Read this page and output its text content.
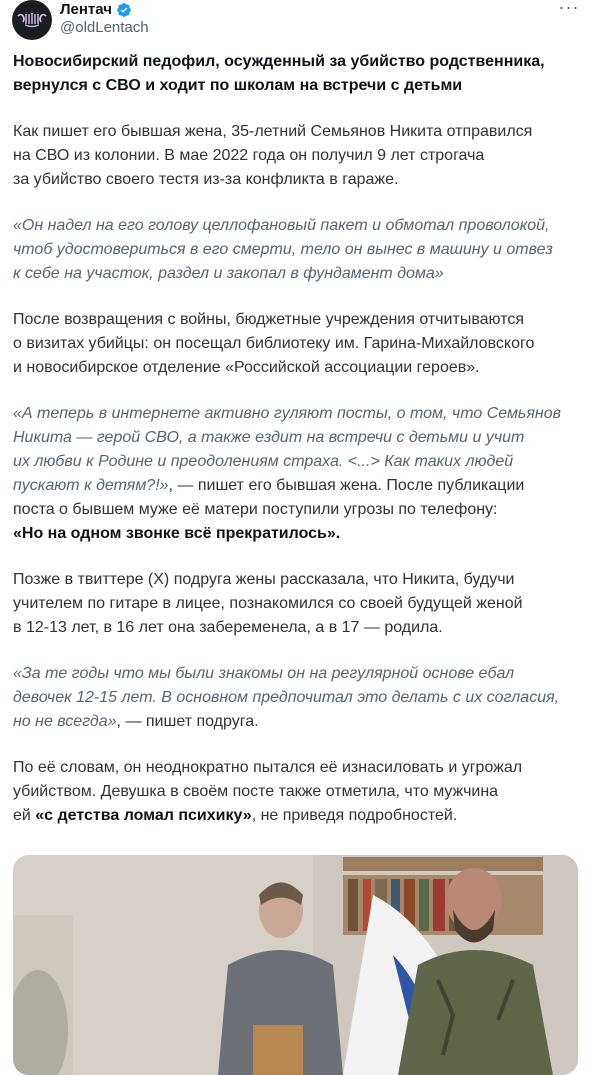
Лентач
@oldLentach
···

Новосибирский педофил, осужденный за убийство родственника, вернулся с СВО и ходит по школам на встречи с детьми

Как пишет его бывшая жена, 35-летний Семьянов Никита отправился
на СВО из колонии. В мае 2022 года он получил 9 лет строгача
за убийство своего тестя из-за конфликта в гараже.

«Он надел на его голову целлофановый пакет и обмотал проволокой,
чтоб удостовериться в его смерти, тело он вынес в машину и отвез
к себе на участок, раздел и закопал в фундамент дома»

После возвращения с войны, бюджетные учреждения отчитываются
о визитах убийцы: он посещал библиотеку им. Гарина-Михайловского
и новосибирское отделение «Российской ассоциации героев».

«А теперь в интернете активно гуляют посты, о том, что Семьянов
Никита — герой СВО, а также ездит на встречи с детьми и учит
их любви к Родине и преодолениям страха. <...> Как таких людей
пускают к детям?!», — пишет его бывшая жена. После публикации
поста о бывшем муже её матери поступили угрозы по телефону:
«Но на одном звонке всё прекратилось».

Позже в твиттере (X) подруга жены рассказала, что Никита, будучи
учителем по гитаре в лицее, познакомился со своей будущей женой
в 12-13 лет, в 16 лет она забеременела, а в 17 — родила.

«За те годы что мы были знакомы он на регулярной основе ебал
девочек 12-15 лет. В основном предпочитал это делать с их согласия,
но не всегда», — пишет подруга.

По её словам, он неоднократно пытался её изнасиловать и угрожал
убийством. Девушка в своём посте также отметила, что мужчина
ей «с детства ломал психику», не приведя подробностей.
